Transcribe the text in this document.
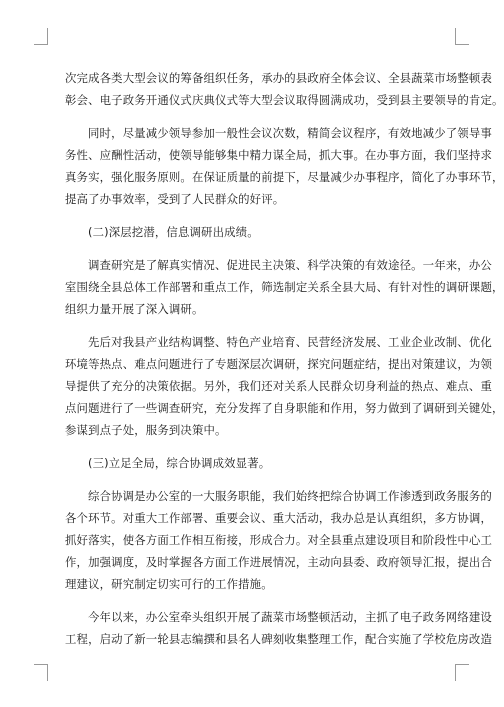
次完成各类大型会议的筹备组织任务，承办的县政府全体会议、全县蔬菜市场整顿表
彰会、电子政务开通仪式庆典仪式等大型会议取得圆满成功，受到县主要领导的肯定。
同时，尽量减少领导参加一般性会议次数，精简会议程序，有效地减少了领导事
务性、应酬性活动，使领导能够集中精力谋全局，抓大事。在办事方面，我们坚持求
真务实，强化服务原则。在保证质量的前提下，尽量减少办事程序，简化了办事环节，
提高了办事效率，受到了人民群众的好评。
(二)深层挖潜，信息调研出成绩。
调查研究是了解真实情况、促进民主决策、科学决策的有效途径。一年来，办公
室围绕全县总体工作部署和重点工作，筛选制定关系全县大局、有针对性的调研课题，
组织力量开展了深入调研。
先后对我县产业结构调整、特色产业培育、民营经济发展、工业企业改制、优化
环境等热点、难点问题进行了专题深层次调研，探究问题症结，提出对策建议，为领
导提供了充分的决策依据。另外，我们还对关系人民群众切身利益的热点、难点、重
点问题进行了一些调查研究，充分发挥了自身职能和作用，努力做到了调研到关键处，
参谋到点子处，服务到决策中。
(三)立足全局，综合协调成效显著。
综合协调是办公室的一大服务职能，我们始终把综合协调工作渗透到政务服务的
各个环节。对重大工作部署、重要会议、重大活动，我办总是认真组织，多方协调，
抓好落实，使各方面工作相互衔接，形成合力。对全县重点建设项目和阶段性中心工
作，加强调度，及时掌握各方面工作进展情况，主动向县委、政府领导汇报，提出合
理建议，研究制定切实可行的工作措施。
今年以来，办公室牵头组织开展了蔬菜市场整顿活动，主抓了电子政务网络建设
工程，启动了新一轮县志编撰和县名人碑刻收集整理工作，配合实施了学校危房改造
